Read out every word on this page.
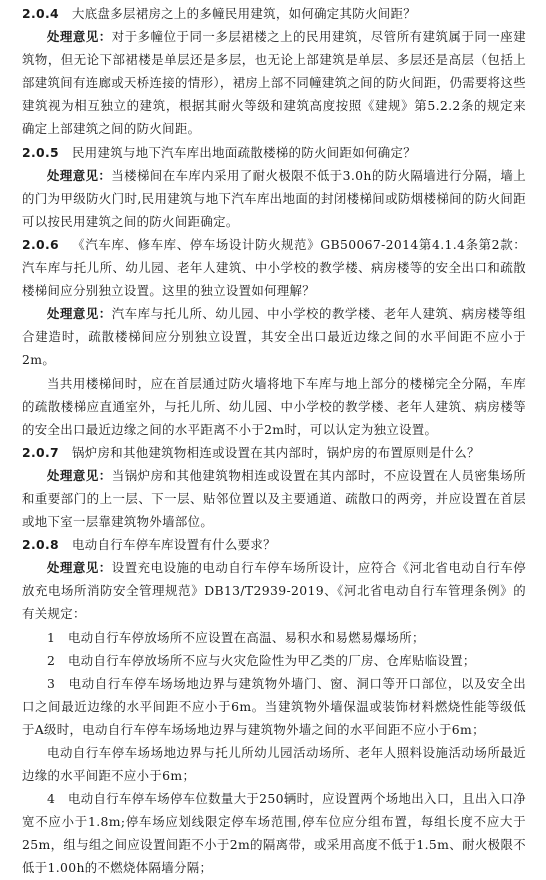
2.0.4 大底盘多层裙房之上的多幢民用建筑，如何确定其防火间距？

处理意见：对于多幢位于同一多层裙楼之上的民用建筑，尽管所有建筑属于同一座建筑物，但无论下部裙楼是单层还是多层，也无论上部建筑是单层、多层还是高层（包括上部建筑间有连廊或天桥连接的情形），裙房上部不同幢建筑之间的防火间距，仍需要将这些建筑视为相互独立的建筑，根据其耐火等级和建筑高度按照《建规》第5.2.2条的规定来确定上部建筑之间的防火间距。

2.0.5 民用建筑与地下汽车库出地面疏散楼梯的防火间距如何确定？

处理意见：当楼梯间在车库内采用了耐火极限不低于3.0h的防火隔墙进行分隔，墙上的门为甲级防火门时,民用建筑与地下汽车库出地面的封闭楼梯间或防烟楼梯间的防火间距可以按民用建筑之间的防火间距确定。

2.0.6 《汽车库、修车库、停车场设计防火规范》GB50067-2014第4.1.4条第2款：汽车库与托儿所、幼儿园、老年人建筑、中小学校的教学楼、病房楼等的安全出口和疏散楼梯间应分别独立设置。这里的独立设置如何理解？

处理意见：汽车库与托儿所、幼儿园、中小学校的教学楼、老年人建筑、病房楼等组合建造时，疏散楼梯间应分别独立设置，其安全出口最近边缘之间的水平间距不应小于2m。

当共用楼梯间时，应在首层通过防火墙将地下车库与地上部分的楼梯完全分隔，车库的疏散楼梯应直通室外，与托儿所、幼儿园、中小学校的教学楼、老年人建筑、病房楼等的安全出口最近边缘之间的水平距离不小于2m时，可以认定为独立设置。

2.0.7 锅炉房和其他建筑物相连或设置在其内部时，锅炉房的布置原则是什么？

处理意见：当锅炉房和其他建筑物相连或设置在其内部时，不应设置在人员密集场所和重要部门的上一层、下一层、贴邻位置以及主要通道、疏散口的两旁，并应设置在首层或地下室一层靠建筑物外墙部位。

2.0.8 电动自行车停车库设置有什么要求？

处理意见：设置充电设施的电动自行车停车场所设计，应符合《河北省电动自行车停放充电场所消防安全管理规范》DB13/T2939-2019、《河北省电动自行车管理条例》的有关规定：

1　电动自行车停放场所不应设置在高温、易积水和易燃易爆场所；

2　电动自行车停放场所不应与火灾危险性为甲乙类的厂房、仓库贴临设置；

3　电动自行车停车场场地边界与建筑物外墙门、窗、洞口等开口部位，以及安全出口之间最近边缘的水平间距不应小于6m。当建筑物外墙保温或装饰材料燃烧性能等级低于A级时，电动自行车停车场场地边界与建筑物外墙之间的水平间距不应小于6m；

电动自行车停车场场地边界与托儿所幼儿园活动场所、老年人照料设施活动场所最近边缘的水平间距不应小于6m；

4　电动自行车停车场停车位数量大于250辆时，应设置两个场地出入口，且出入口净宽不应小于1.8m;停车场应划线限定停车场范围,停车位应分组布置，每组长度不应大于25m，组与组之间应设置间距不小于2m的隔离带，或采用高度不低于1.5m、耐火极限不低于1.00h的不燃烧体隔墙分隔；
